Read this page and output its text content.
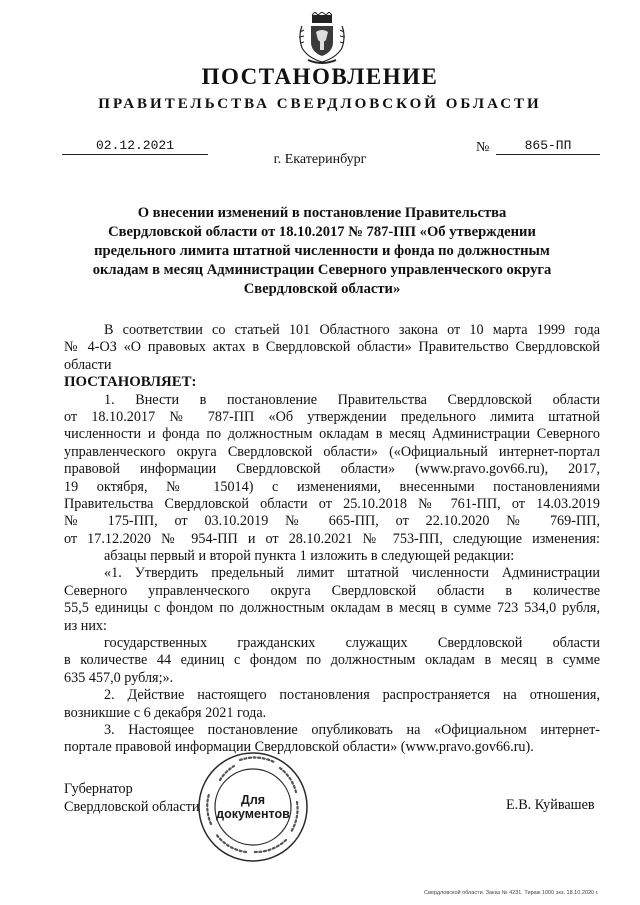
ПОСТАНОВЛЕНИЕ
ПРАВИТЕЛЬСТВА СВЕРДЛОВСКОЙ ОБЛАСТИ
02.12.2021	№	865-ПП
г. Екатеринбург
О внесении изменений в постановление Правительства
Свердловской области от 18.10.2017 № 787-ПП «Об утверждении
предельного лимита штатной численности и фонда по должностным
окладам в месяц Администрации Северного управленческого округа
Свердловской области»
В соответствии со статьей 101 Областного закона от 10 марта 1999 года
№ 4-ОЗ «О правовых актах в Свердловской области» Правительство Свердловской
области
ПОСТАНОВЛЯЕТ:
1. Внести в постановление Правительства Свердловской области
от 18.10.2017 № 787-ПП «Об утверждении предельного лимита штатной
численности и фонда по должностным окладам в месяц Администрации Северного
управленческого округа Свердловской области» («Официальный интернет-портал
правовой информации Свердловской области» (www.pravo.gov66.ru), 2017,
19 октября, № 15014) с изменениями, внесенными постановлениями
Правительства Свердловской области от 25.10.2018 № 761-ПП, от 14.03.2019
№ 175-ПП, от 03.10.2019 № 665-ПП, от 22.10.2020 № 769-ПП,
от 17.12.2020 № 954-ПП и от 28.10.2021 № 753-ПП, следующие изменения:
абзацы первый и второй пункта 1 изложить в следующей редакции:
«1. Утвердить предельный лимит штатной численности Администрации
Северного управленческого округа Свердловской области в количестве
55,5 единицы с фондом по должностным окладам в месяц в сумме 723 534,0 рубля,
из них:
государственных гражданских служащих Свердловской области
в количестве 44 единиц с фондом по должностным окладам в месяц в сумме
635 457,0 рубля;».
2. Действие настоящего постановления распространяется на отношения,
возникшие с 6 декабря 2021 года.
3. Настоящее постановление опубликовать на «Официальном интернет-
портале правовой информации Свердловской области» (www.pravo.gov66.ru).
Губернатор
Свердловской области	Е.В. Куйвашев
Для
документов
Свердловской области. Заказ № 4231. Тираж 1000 экз. 18.10.2020 г.
